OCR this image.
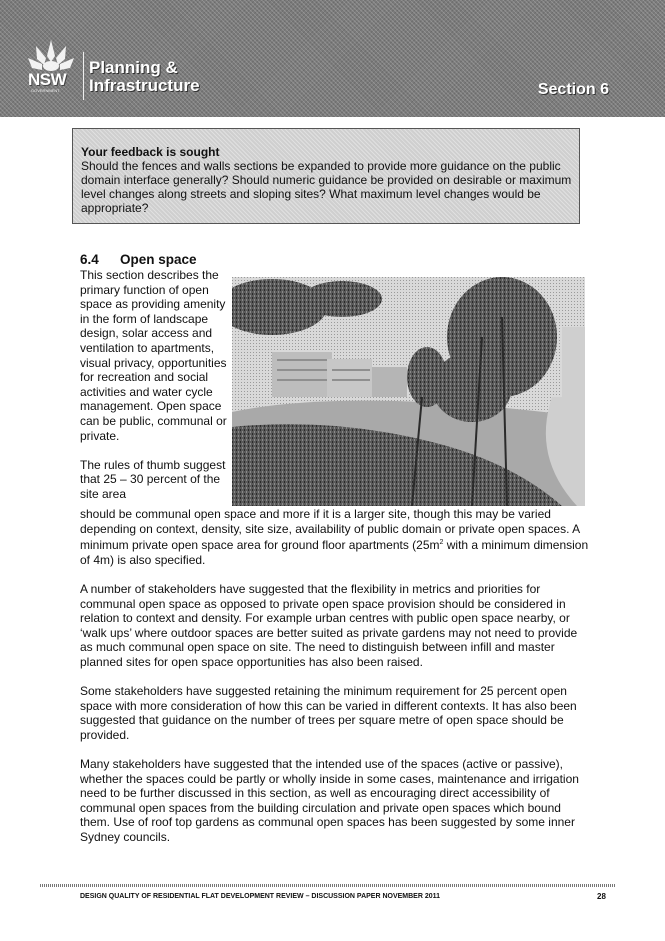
NSW
GOVERNMENT
Planning &
Infrastructure	Section 6
Your feedback is sought
Should the fences and walls sections be expanded to provide more guidance on the public domain interface generally? Should numeric guidance be provided on desirable or maximum level changes along streets and sloping sites? What maximum level changes would be appropriate?
6.4 Open space

This section describes the primary function of open space as providing amenity in the form of landscape design, solar access and ventilation to apartments, visual privacy, opportunities for recreation and social activities and water cycle management. Open space can be public, communal or private.

The rules of thumb suggest that 25 – 30 percent of the site area

should be communal open space and more if it is a larger site, though this may be varied depending on context, density, site size, availability of public domain or private open spaces. A minimum private open space area for ground floor apartments ($25m^2$ with a minimum dimension of 4m) is also specified.

A number of stakeholders have suggested that the flexibility in metrics and priorities for communal open space as opposed to private open space provision should be considered in relation to context and density. For example urban centres with public open space nearby, or ‘walk ups’ where outdoor spaces are better suited as private gardens may not need to provide as much communal open space on site. The need to distinguish between infill and master planned sites for open space opportunities has also been raised.

Some stakeholders have suggested retaining the minimum requirement for 25 percent open space with more consideration of how this can be varied in different contexts. It has also been suggested that guidance on the number of trees per square metre of open space should be provided.

Many stakeholders have suggested that the intended use of the spaces (active or passive), whether the spaces could be partly or wholly inside in some cases, maintenance and irrigation need to be further discussed in this section, as well as encouraging direct accessibility of communal open spaces from the building circulation and private open spaces which bound them. Use of roof top gardens as communal open spaces has been suggested by some inner Sydney councils.

DESIGN QUALITY OF RESIDENTIAL FLAT DEVELOPMENT REVIEW – DISCUSSION PAPER NOVEMBER 2011	28
